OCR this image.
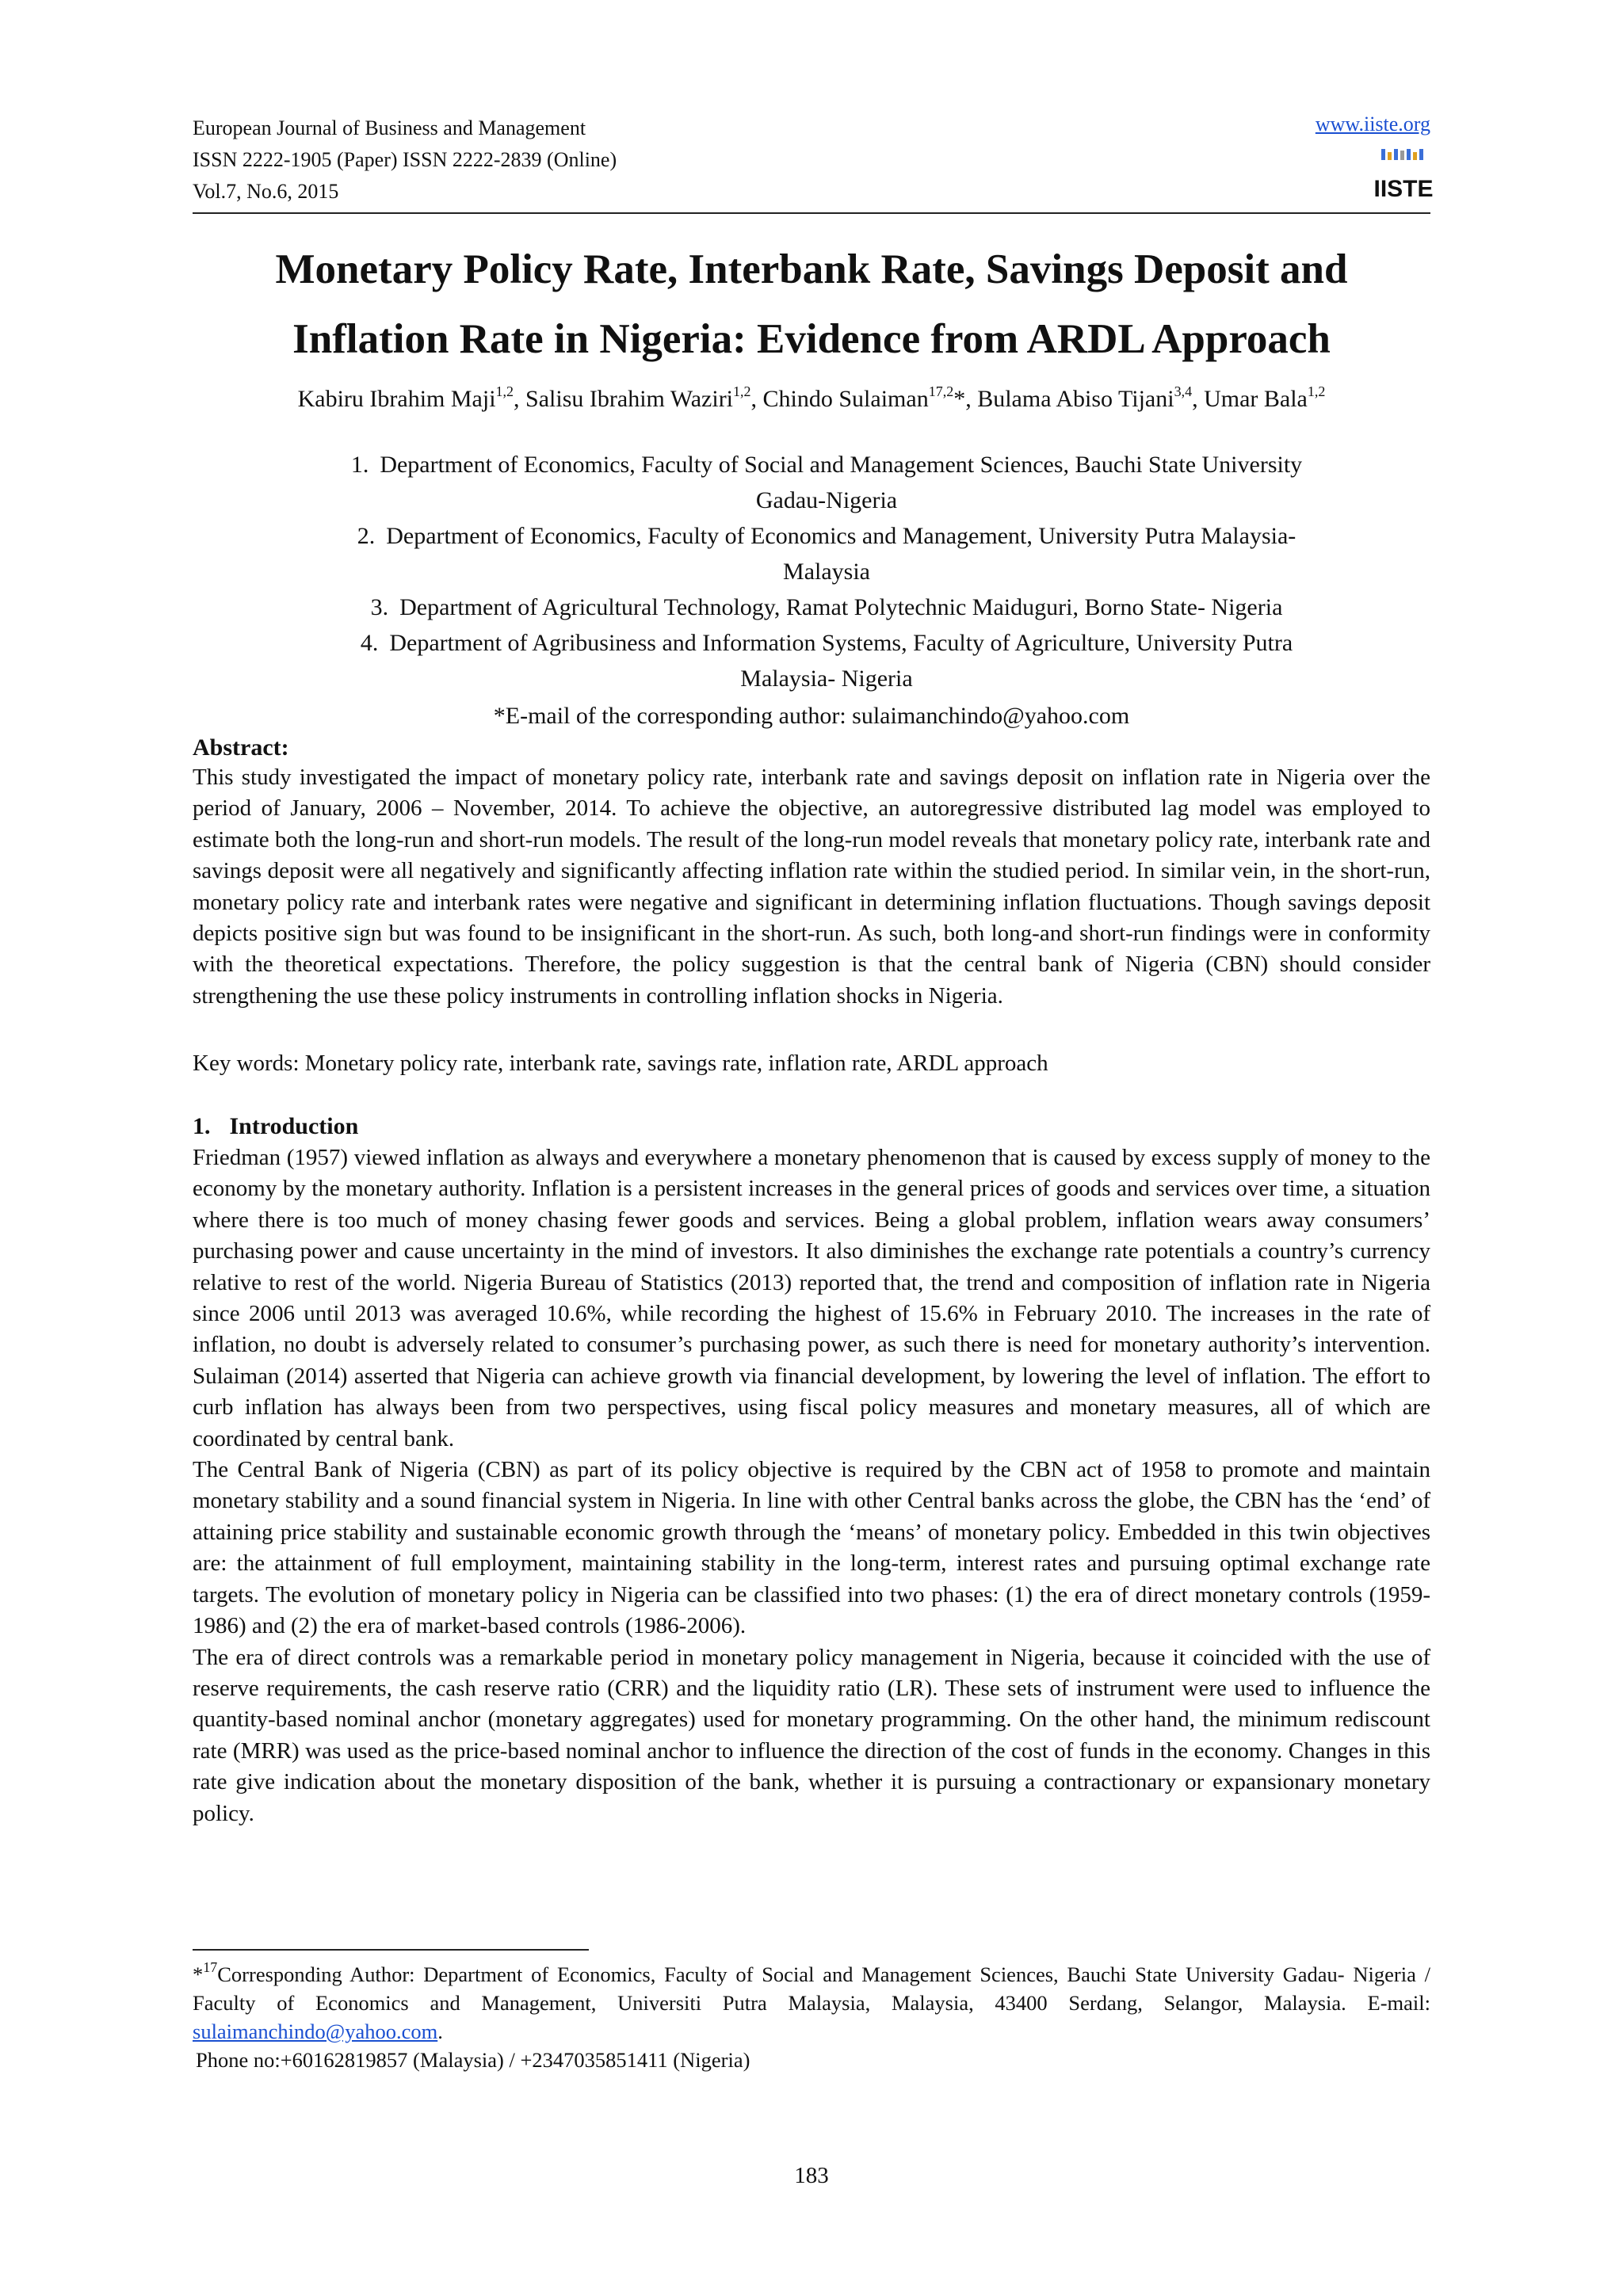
European Journal of Business and Management
ISSN 2222-1905 (Paper) ISSN 2222-2839 (Online)
Vol.7, No.6, 2015
www.iiste.org
IISTE
Monetary Policy Rate, Interbank Rate, Savings Deposit and
Inflation Rate in Nigeria: Evidence from ARDL Approach
Kabiru Ibrahim Maji$^{1,2}$, Salisu Ibrahim Waziri$^{1,2}$, Chindo Sulaiman$^{17,2}$*, Bulama Abiso Tijani$^{3,4}$, Umar Bala$^{1,2}$
1. Department of Economics, Faculty of Social and Management Sciences, Bauchi State University
Gadau-Nigeria
2. Department of Economics, Faculty of Economics and Management, University Putra Malaysia-
Malaysia
3. Department of Agricultural Technology, Ramat Polytechnic Maiduguri, Borno State- Nigeria
4. Department of Agribusiness and Information Systems, Faculty of Agriculture, University Putra
Malaysia- Nigeria
*E-mail of the corresponding author: sulaimanchindo@yahoo.com
Abstract:
This study investigated the impact of monetary policy rate, interbank rate and savings deposit on inflation rate in Nigeria over the period of January, 2006 – November, 2014. To achieve the objective, an autoregressive distributed lag model was employed to estimate both the long-run and short-run models. The result of the long-run model reveals that monetary policy rate, interbank rate and savings deposit were all negatively and significantly affecting inflation rate within the studied period. In similar vein, in the short-run, monetary policy rate and interbank rates were negative and significant in determining inflation fluctuations. Though savings deposit depicts positive sign but was found to be insignificant in the short-run. As such, both long-and short-run findings were in conformity with the theoretical expectations. Therefore, the policy suggestion is that the central bank of Nigeria (CBN) should consider strengthening the use these policy instruments in controlling inflation shocks in Nigeria.
Key words: Monetary policy rate, interbank rate, savings rate, inflation rate, ARDL approach
1. Introduction

Friedman (1957) viewed inflation as always and everywhere a monetary phenomenon that is caused by excess supply of money to the economy by the monetary authority. Inflation is a persistent increases in the general prices of goods and services over time, a situation where there is too much of money chasing fewer goods and services. Being a global problem, inflation wears away consumers’ purchasing power and cause uncertainty in the mind of investors. It also diminishes the exchange rate potentials a country’s currency relative to rest of the world. Nigeria Bureau of Statistics (2013) reported that, the trend and composition of inflation rate in Nigeria since 2006 until 2013 was averaged 10.6%, while recording the highest of 15.6% in February 2010. The increases in the rate of inflation, no doubt is adversely related to consumer’s purchasing power, as such there is need for monetary authority’s intervention. Sulaiman (2014) asserted that Nigeria can achieve growth via financial development, by lowering the level of inflation. The effort to curb inflation has always been from two perspectives, using fiscal policy measures and monetary measures, all of which are coordinated by central bank.

The Central Bank of Nigeria (CBN) as part of its policy objective is required by the CBN act of 1958 to promote and maintain monetary stability and a sound financial system in Nigeria. In line with other Central banks across the globe, the CBN has the ‘end’ of attaining price stability and sustainable economic growth through the ‘means’ of monetary policy. Embedded in this twin objectives are: the attainment of full employment, maintaining stability in the long-term, interest rates and pursuing optimal exchange rate targets. The evolution of monetary policy in Nigeria can be classified into two phases: (1) the era of direct monetary controls (1959-1986) and (2) the era of market-based controls (1986-2006).

The era of direct controls was a remarkable period in monetary policy management in Nigeria, because it coincided with the use of reserve requirements, the cash reserve ratio (CRR) and the liquidity ratio (LR). These sets of instrument were used to influence the quantity-based nominal anchor (monetary aggregates) used for monetary programming. On the other hand, the minimum rediscount rate (MRR) was used as the price-based nominal anchor to influence the direction of the cost of funds in the economy. Changes in this rate give indication about the monetary disposition of the bank, whether it is pursuing a contractionary or expansionary monetary policy.

*$^{17}$Corresponding Author: Department of Economics, Faculty of Social and Management Sciences, Bauchi State University Gadau- Nigeria / Faculty of Economics and Management, Universiti Putra Malaysia, Malaysia, 43400 Serdang, Selangor, Malaysia. E-mail: sulaimanchindo@yahoo.com.
Phone no:+60162819857 (Malaysia) / +2347035851411 (Nigeria)
183
